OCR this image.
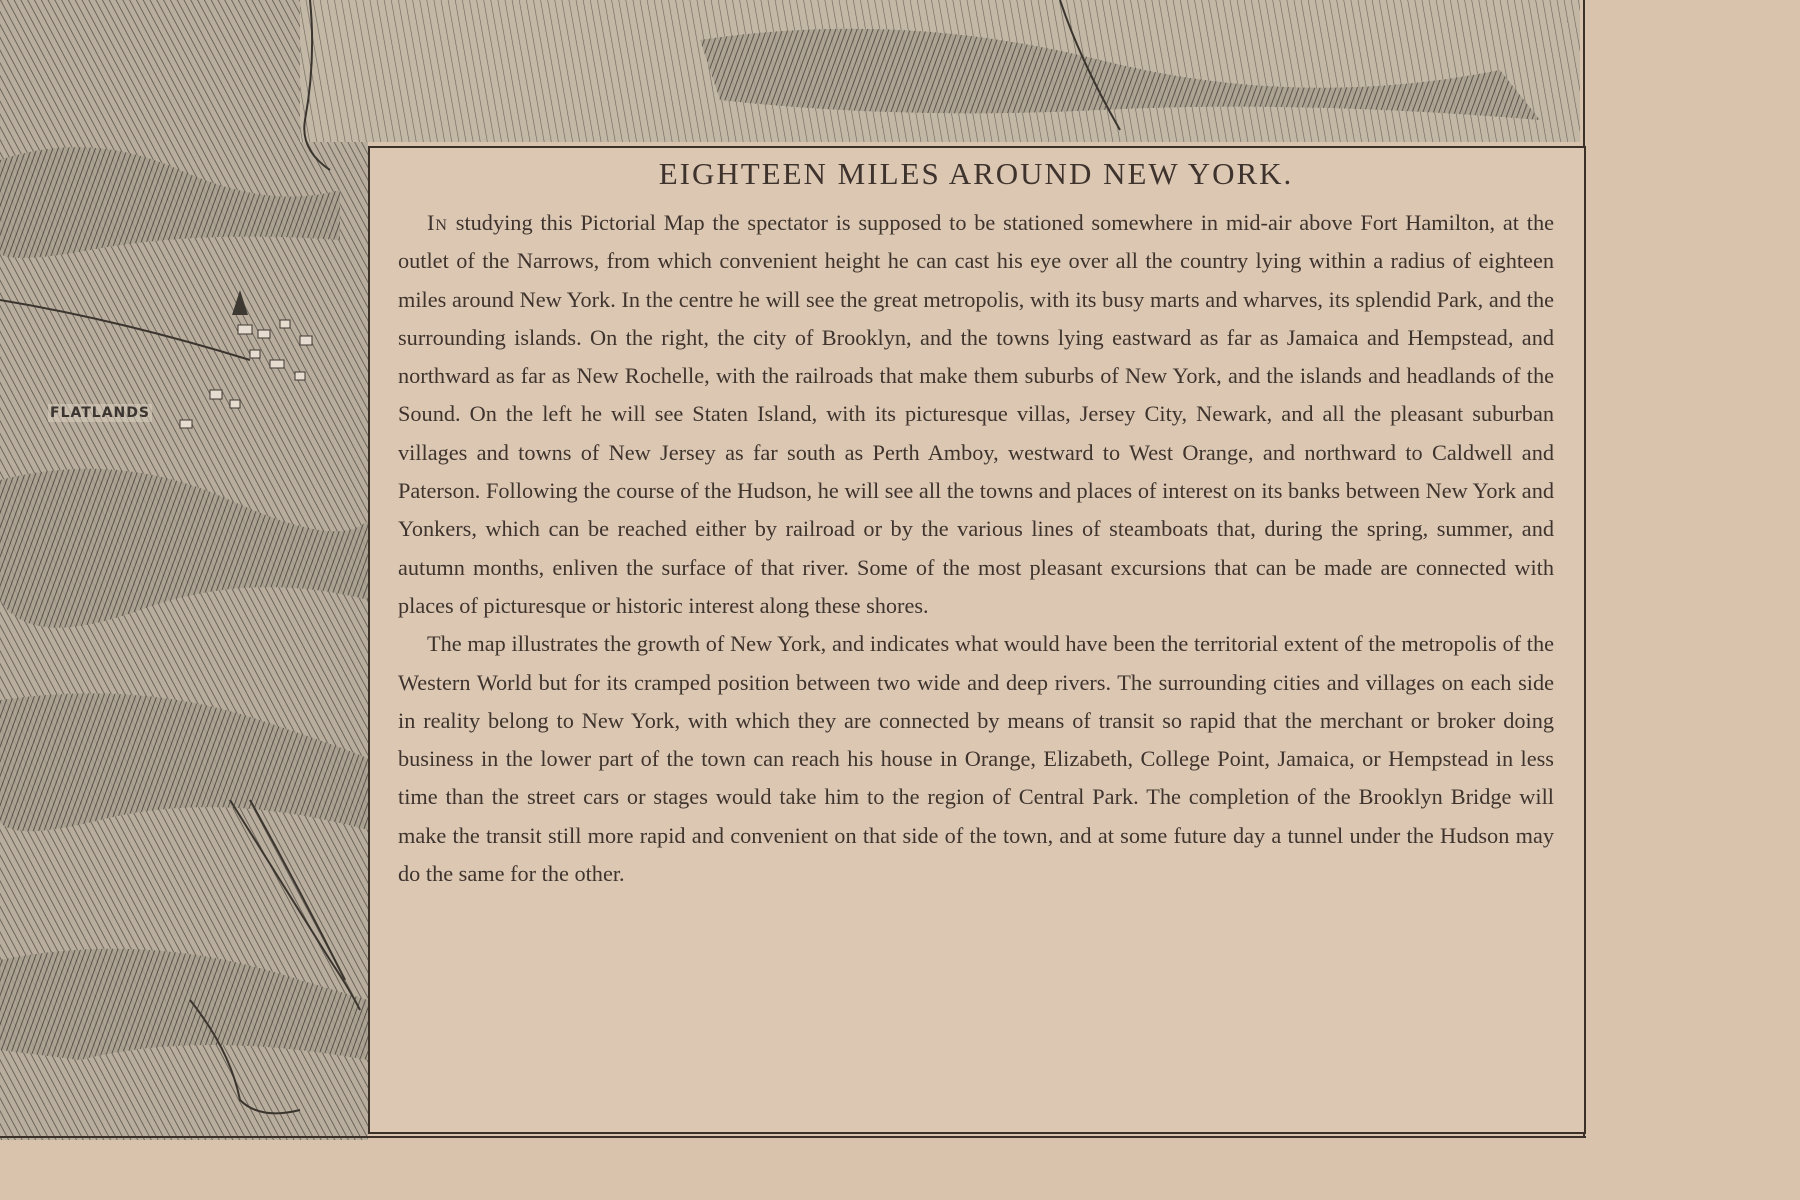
FLATLANDS
EIGHTEEN MILES AROUND NEW YORK.

In studying this Pictorial Map the spectator is supposed to be stationed somewhere in mid-air above Fort Hamilton, at the outlet of the Narrows, from which convenient height he can cast his eye over all the country lying within a radius of eighteen miles around New York. In the centre he will see the great metropolis, with its busy marts and wharves, its splendid Park, and the surrounding islands. On the right, the city of Brooklyn, and the towns lying eastward as far as Jamaica and Hempstead, and northward as far as New Rochelle, with the railroads that make them suburbs of New York, and the islands and headlands of the Sound. On the left he will see Staten Island, with its picturesque villas, Jersey City, Newark, and all the pleasant suburban villages and towns of New Jersey as far south as Perth Amboy, westward to West Orange, and northward to Caldwell and Paterson. Following the course of the Hudson, he will see all the towns and places of interest on its banks between New York and Yonkers, which can be reached either by railroad or by the various lines of steamboats that, during the spring, summer, and autumn months, enliven the surface of that river. Some of the most pleasant excursions that can be made are connected with places of picturesque or historic interest along these shores.

The map illustrates the growth of New York, and indicates what would have been the territorial extent of the metropolis of the Western World but for its cramped position between two wide and deep rivers. The surrounding cities and villages on each side in reality belong to New York, with which they are connected by means of transit so rapid that the merchant or broker doing business in the lower part of the town can reach his house in Orange, Elizabeth, College Point, Jamaica, or Hempstead in less time than the street cars or stages would take him to the region of Central Park. The completion of the Brooklyn Bridge will make the transit still more rapid and convenient on that side of the town, and at some future day a tunnel under the Hudson may do the same for the other.
